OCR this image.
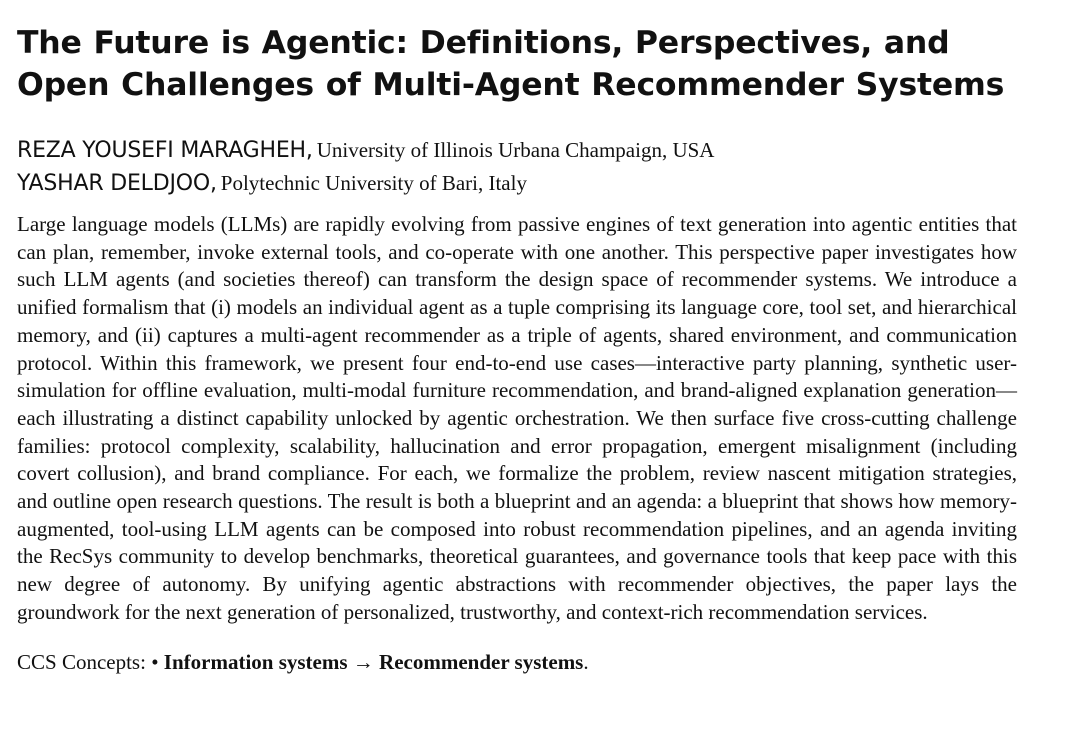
The Future is Agentic: Definitions, Perspectives, and Open Challenges of Multi-Agent Recommender Systems
REZA YOUSEFI MARAGHEH, University of Illinois Urbana Champaign, USA
YASHAR DELDJOO, Polytechnic University of Bari, Italy

Large language models (LLMs) are rapidly evolving from passive engines of text generation into agentic entities that can plan, remember, invoke external tools, and co-operate with one another. This perspective paper investigates how such LLM agents (and societies thereof) can transform the design space of recommender systems. We introduce a unified formalism that (i) models an individual agent as a tuple comprising its language core, tool set, and hierarchical memory, and (ii) captures a multi-agent recommender as a triple of agents, shared environment, and communication protocol. Within this framework, we present four end-to-end use cases—interactive party planning, synthetic user-simulation for offline evaluation, multi-modal furniture recommendation, and brand-aligned explanation generation—each illustrating a distinct capability unlocked by agentic orchestration. We then surface five cross-cutting challenge families: protocol complexity, scalability, hallucination and error propagation, emergent misalignment (including covert collusion), and brand compliance. For each, we formalize the problem, review nascent mitigation strategies, and outline open research questions. The result is both a blueprint and an agenda: a blueprint that shows how memory-augmented, tool-using LLM agents can be composed into robust recommendation pipelines, and an agenda inviting the RecSys community to develop benchmarks, theoretical guarantees, and governance tools that keep pace with this new degree of autonomy. By unifying agentic abstractions with recommender objectives, the paper lays the groundwork for the next generation of personalized, trustworthy, and context-rich recommendation services.

CCS Concepts: • Information systems → Recommender systems.
